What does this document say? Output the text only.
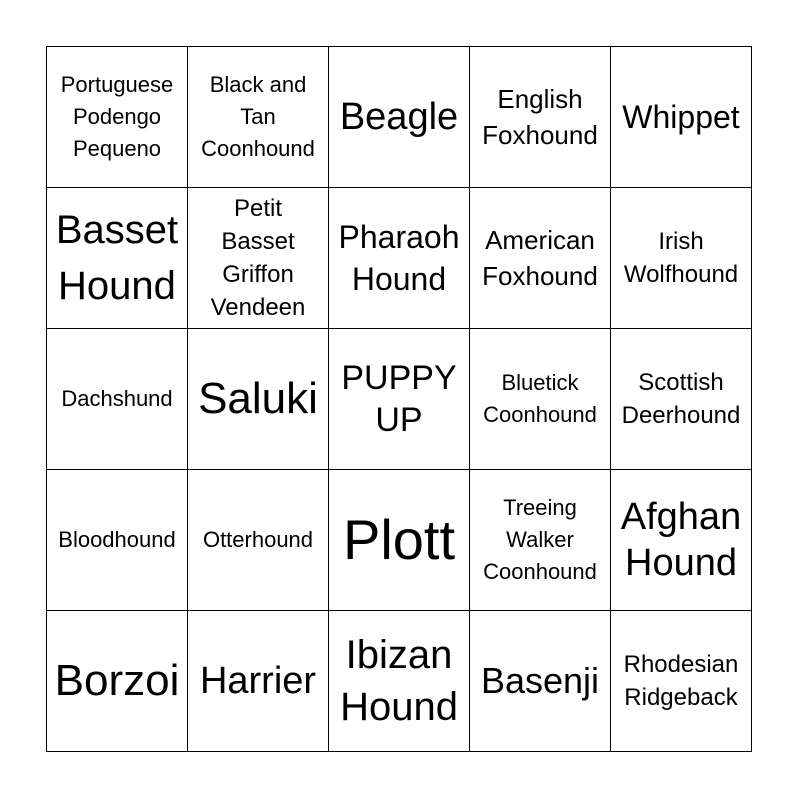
Portuguese
Podengo
Pequeno
Black and
Tan
Coonhound
Beagle	English
Foxhound Whippet
Basset
Hound
Petit
Basset
Griffon
Vendeen
Pharaoh
Hound
American
Foxhound
Irish
Wolfhound
Dachshund Saluki PUPPY
UP
Bluetick
Coonhound
Scottish
Deerhound
Bloodhound Otterhound Plott
Treeing
Walker
Coonhound
Afghan
Hound
Borzoi Harrier
Ibizan
Hound
Basenji Rhodesian
Ridgeback
